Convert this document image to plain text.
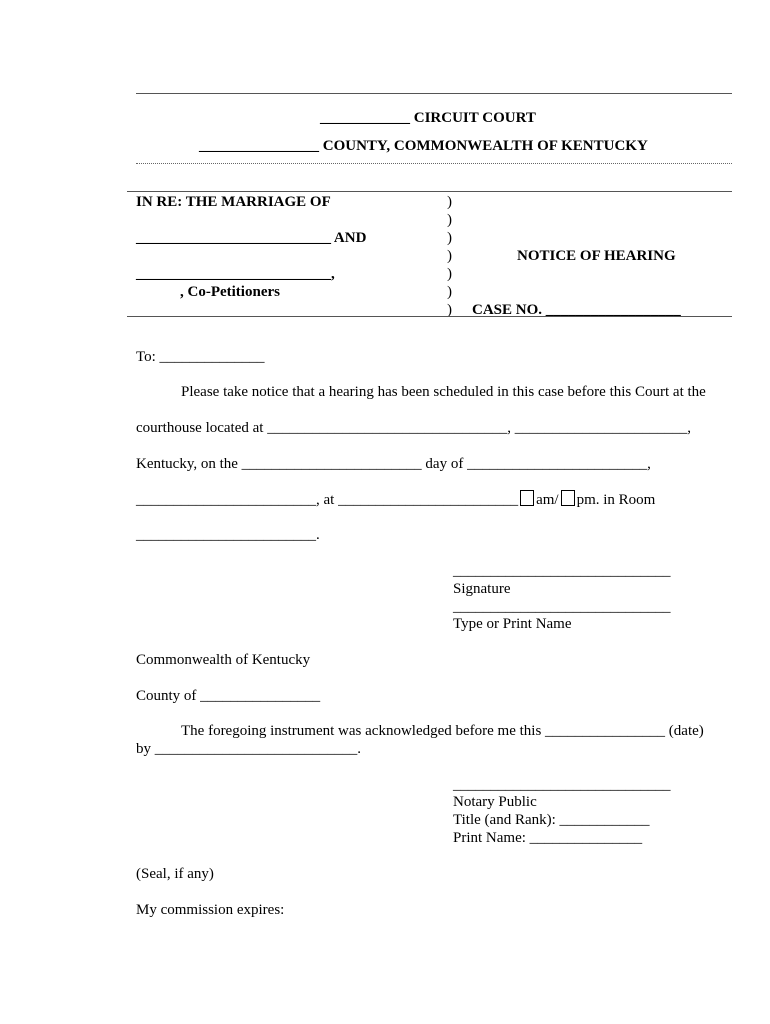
____________ CIRCUIT COURT
________________ COUNTY, COMMONWEALTH OF KENTUCKY
IN RE: THE MARRIAGE OF
__________________________ AND
__________________________,
, Co-Petitioners
)
)
)
)
)
)
)
NOTICE OF HEARING
CASE NO. __________________
To: ______________
Please take notice that a hearing has been scheduled in this case before this Court at the
courthouse located at ________________________________, _______________________,
Kentucky, on the ________________________ day of ________________________,
________________________, at ________________________ am/ pm. in Room
________________________.
_____________________________
Signature
_____________________________
Type or Print Name
Commonwealth of Kentucky
County of ________________
The foregoing instrument was acknowledged before me this ________________ (date)
by ___________________________.
_____________________________
Notary Public
Title (and Rank): ____________
Print Name: _______________
(Seal, if any)
My commission expires:
